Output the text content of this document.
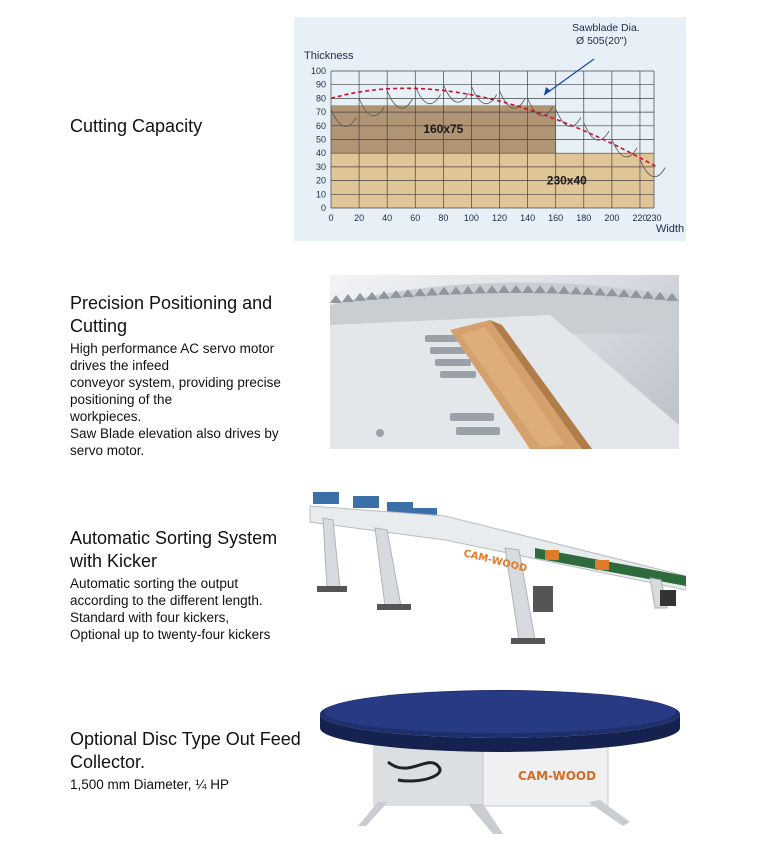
Cutting Capacity
0
10
20
30
40
50
60
70
80
90
100
0 20 40 60 80 100 120 140 160 180 200 220 230
Thickness
Width
230x40
160x75
Sawblade Dia.
Ø 505(20")
Precision Positioning and Cutting
High performance AC servo motor
drives the infeed
conveyor system, providing precise
positioning of the
workpieces.
Saw Blade elevation also drives by
servo motor.
Automatic Sorting System with Kicker
Automatic sorting the output
according to the different length.
Standard with four kickers,
Optional up to twenty-four kickers
CAM-WOOD
Optional Disc Type Out Feed Collector.
1,500 mm Diameter, ¼ HP
CAM-WOOD
